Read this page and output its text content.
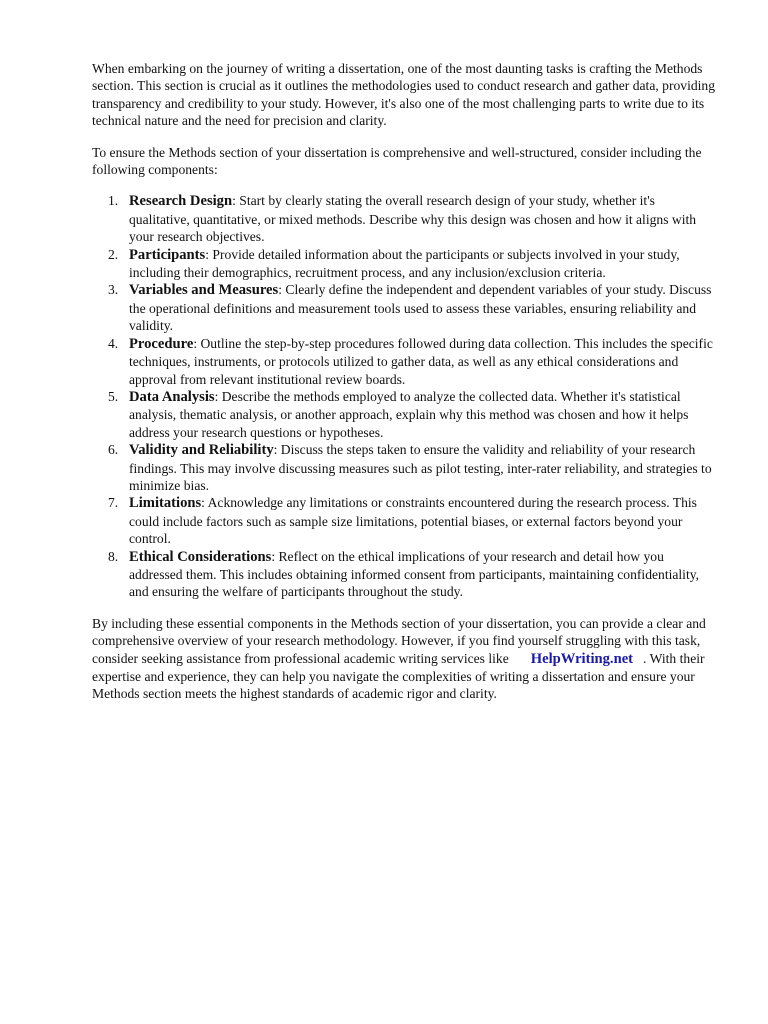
When embarking on the journey of writing a dissertation, one of the most daunting tasks is crafting the Methods section. This section is crucial as it outlines the methodologies used to conduct research and gather data, providing transparency and credibility to your study. However, it's also one of the most challenging parts to write due to its technical nature and the need for precision and clarity.

To ensure the Methods section of your dissertation is comprehensive and well-structured, consider including the following components:

1. Research Design: Start by clearly stating the overall research design of your study, whether it's qualitative, quantitative, or mixed methods. Describe why this design was chosen and how it aligns with your research objectives.
2. Participants: Provide detailed information about the participants or subjects involved in your study, including their demographics, recruitment process, and any inclusion/exclusion criteria.
3. Variables and Measures: Clearly define the independent and dependent variables of your study. Discuss the operational definitions and measurement tools used to assess these variables, ensuring reliability and validity.
4. Procedure: Outline the step-by-step procedures followed during data collection. This includes the specific techniques, instruments, or protocols utilized to gather data, as well as any ethical considerations and approval from relevant institutional review boards.
5. Data Analysis: Describe the methods employed to analyze the collected data. Whether it's statistical analysis, thematic analysis, or another approach, explain why this method was chosen and how it helps address your research questions or hypotheses.
6. Validity and Reliability: Discuss the steps taken to ensure the validity and reliability of your research findings. This may involve discussing measures such as pilot testing, inter-rater reliability, and strategies to minimize bias.
7. Limitations: Acknowledge any limitations or constraints encountered during the research process. This could include factors such as sample size limitations, potential biases, or external factors beyond your control.
8. Ethical Considerations: Reflect on the ethical implications of your research and detail how you addressed them. This includes obtaining informed consent from participants, maintaining confidentiality, and ensuring the welfare of participants throughout the study.

By including these essential components in the Methods section of your dissertation, you can provide a clear and comprehensive overview of your research methodology. However, if you find yourself struggling with this task, consider seeking assistance from professional academic writing services like HelpWriting.net . With their expertise and experience, they can help you navigate the complexities of writing a dissertation and ensure your Methods section meets the highest standards of academic rigor and clarity.
